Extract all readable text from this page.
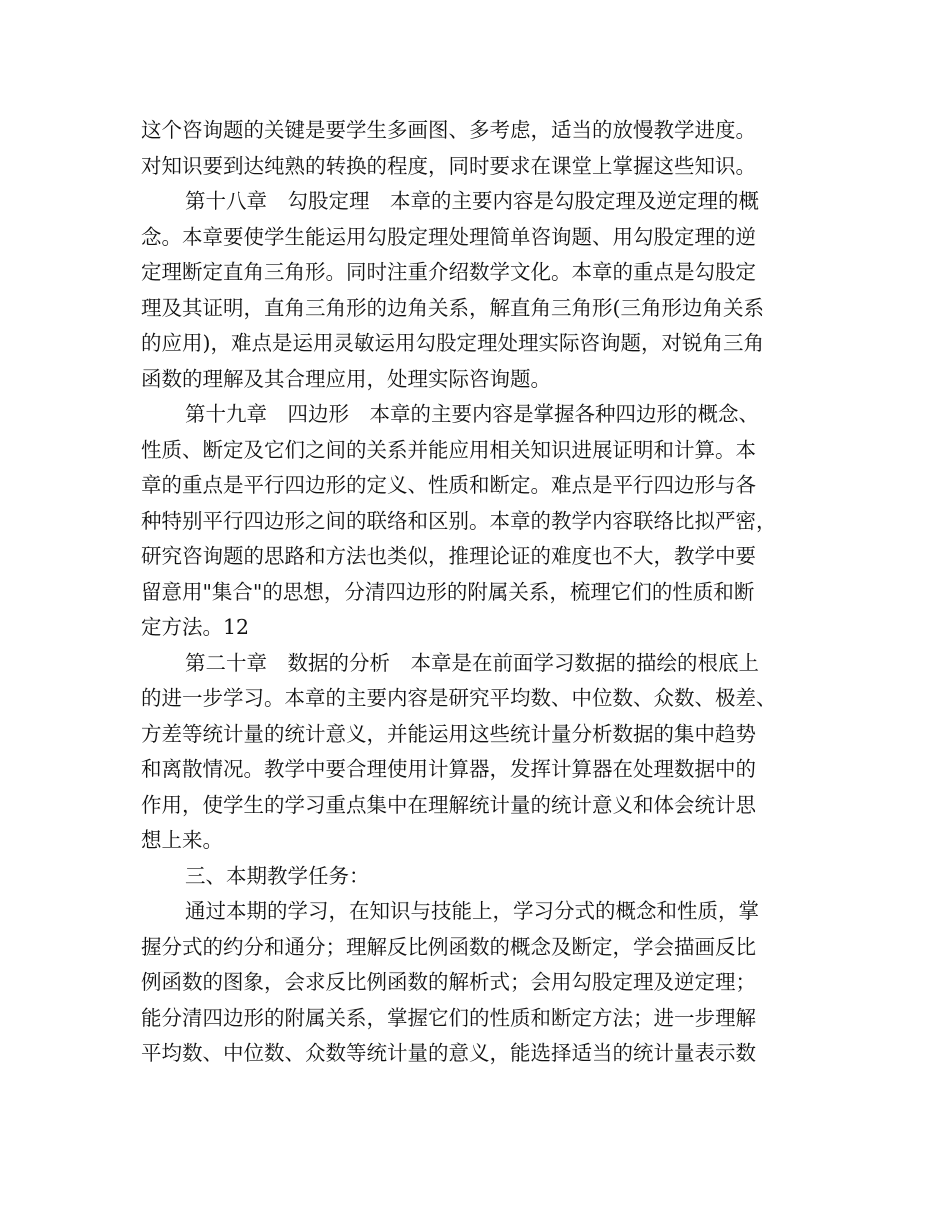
这个咨询题的关键是要学生多画图、多考虑，适当的放慢教学进度。
对知识要到达纯熟的转换的程度，同时要求在课堂上掌握这些知识。
第十八章　勾股定理　本章的主要内容是勾股定理及逆定理的概
念。本章要使学生能运用勾股定理处理简单咨询题、用勾股定理的逆
定理断定直角三角形。同时注重介绍数学文化。本章的重点是勾股定
理及其证明，直角三角形的边角关系，解直角三角形(三角形边角关系
的应用)，难点是运用灵敏运用勾股定理处理实际咨询题，对锐角三角
函数的理解及其合理应用，处理实际咨询题。
第十九章　四边形　本章的主要内容是掌握各种四边形的概念、
性质、断定及它们之间的关系并能应用相关知识进展证明和计算。本
章的重点是平行四边形的定义、性质和断定。难点是平行四边形与各
种特别平行四边形之间的联络和区别。本章的教学内容联络比拟严密，
研究咨询题的思路和方法也类似，推理论证的难度也不大，教学中要
留意用"集合"的思想，分清四边形的附属关系，梳理它们的性质和断
定方法。12
第二十章　数据的分析　本章是在前面学习数据的描绘的根底上
的进一步学习。本章的主要内容是研究平均数、中位数、众数、极差、
方差等统计量的统计意义，并能运用这些统计量分析数据的集中趋势
和离散情况。教学中要合理使用计算器，发挥计算器在处理数据中的
作用，使学生的学习重点集中在理解统计量的统计意义和体会统计思
想上来。
三、本期教学任务：
通过本期的学习，在知识与技能上，学习分式的概念和性质，掌
握分式的约分和通分；理解反比例函数的概念及断定，学会描画反比
例函数的图象，会求反比例函数的解析式；会用勾股定理及逆定理；
能分清四边形的附属关系，掌握它们的性质和断定方法；进一步理解
平均数、中位数、众数等统计量的意义，能选择适当的统计量表示数
